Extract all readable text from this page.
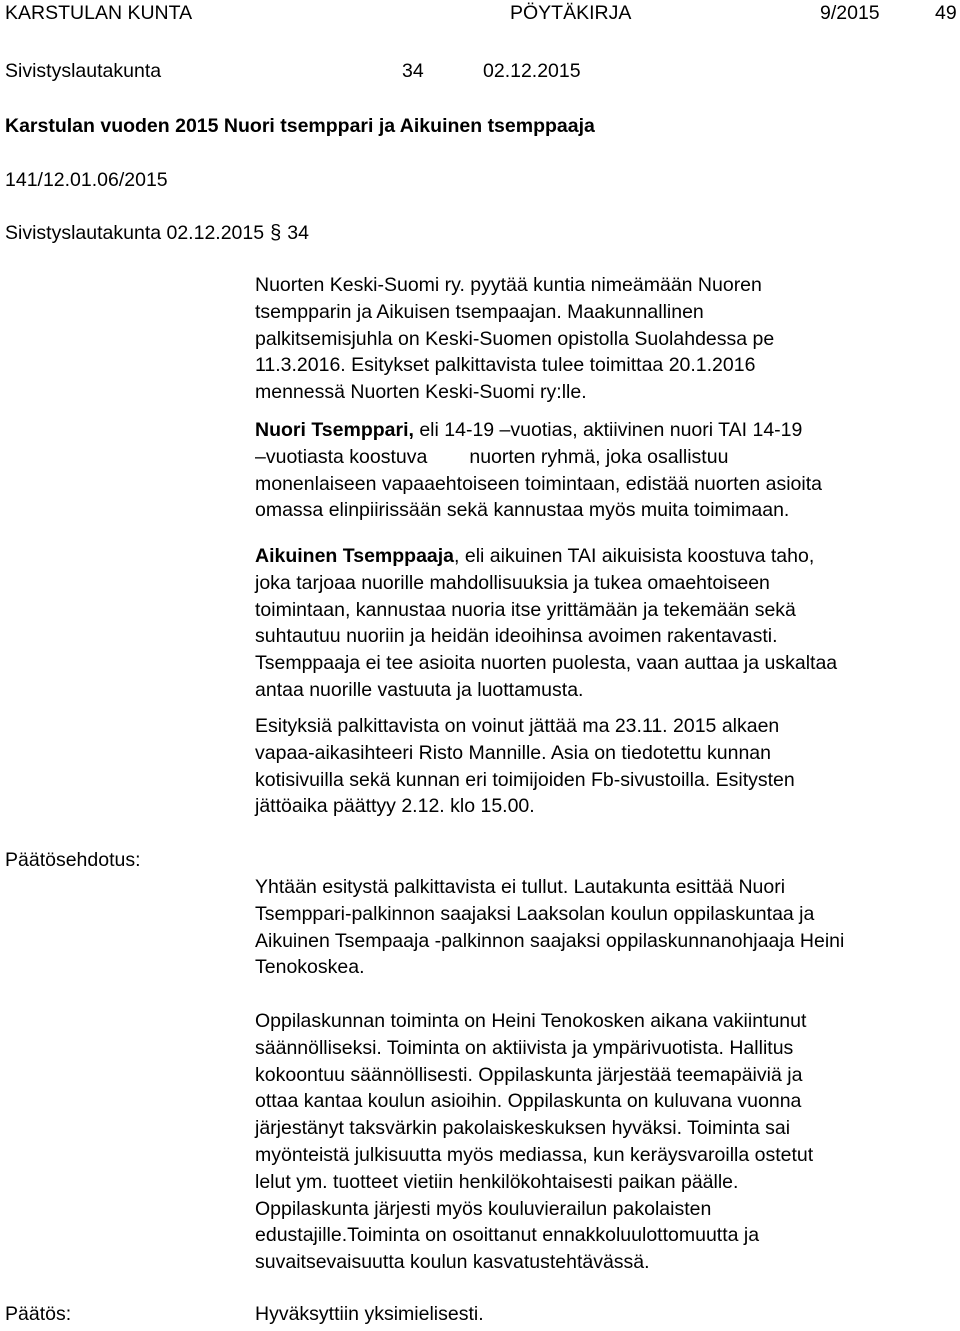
KARSTULAN KUNTA	PÖYTÄKIRJA	9/2015	49
Sivistyslautakunta	34	02.12.2015
Karstulan vuoden 2015 Nuori tsemppari ja Aikuinen tsemppaaja
141/12.01.06/2015
Sivistyslautakunta 02.12.2015 § 34

Nuorten Keski-Suomi ry. pyytää kuntia nimeämään Nuoren

tsempparin ja Aikuisen tsempaajan. Maakunnallinen

palkitsemisjuhla on Keski-Suomen opistolla Suolahdessa pe

11.3.2016. Esitykset palkittavista tulee toimittaa 20.1.2016

mennessä Nuorten Keski-Suomi ry:lle.

Nuori Tsemppari, eli 14-19 –vuotias, aktiivinen nuori TAI 14-19

–vuotiasta koostuva nuorten ryhmä, joka osallistuu

monenlaiseen vapaaehtoiseen toimintaan, edistää nuorten asioita

omassa elinpiirissään sekä kannustaa myös muita toimimaan.

Aikuinen Tsemppaaja, eli aikuinen TAI aikuisista koostuva taho,

joka tarjoaa nuorille mahdollisuuksia ja tukea omaehtoiseen

toimintaan, kannustaa nuoria itse yrittämään ja tekemään sekä

suhtautuu nuoriin ja heidän ideoihinsa avoimen rakentavasti.

Tsemppaaja ei tee asioita nuorten puolesta, vaan auttaa ja uskaltaa

antaa nuorille vastuuta ja luottamusta.

Esityksiä palkittavista on voinut jättää ma 23.11. 2015 alkaen

vapaa-aikasihteeri Risto Mannille. Asia on tiedotettu kunnan

kotisivuilla sekä kunnan eri toimijoiden Fb-sivustoilla. Esitysten

jättöaika päättyy 2.12. klo 15.00.

Päätösehdotus:

Yhtään esitystä palkittavista ei tullut. Lautakunta esittää Nuori

Tsemppari-palkinnon saajaksi Laaksolan koulun oppilaskuntaa ja

Aikuinen Tsempaaja -palkinnon saajaksi oppilaskunnanohjaaja Heini

Tenokoskea.

Oppilaskunnan toiminta on Heini Tenokosken aikana vakiintunut

säännölliseksi. Toiminta on aktiivista ja ympärivuotista. Hallitus

kokoontuu säännöllisesti. Oppilaskunta järjestää teemapäiviä ja

ottaa kantaa koulun asioihin. Oppilaskunta on kuluvana vuonna

järjestänyt taksvärkin pakolaiskeskuksen hyväksi. Toiminta sai

myönteistä julkisuutta myös mediassa, kun keräysvaroilla ostetut

lelut ym. tuotteet vietiin henkilökohtaisesti paikan päälle.

Oppilaskunta järjesti myös kouluvierailun pakolaisten

edustajille.Toiminta on osoittanut ennakkoluulottomuutta ja

suvaitsevaisuutta koulun kasvatustehtävässä.

Päätös:	Hyväksyttiin yksimielisesti.
